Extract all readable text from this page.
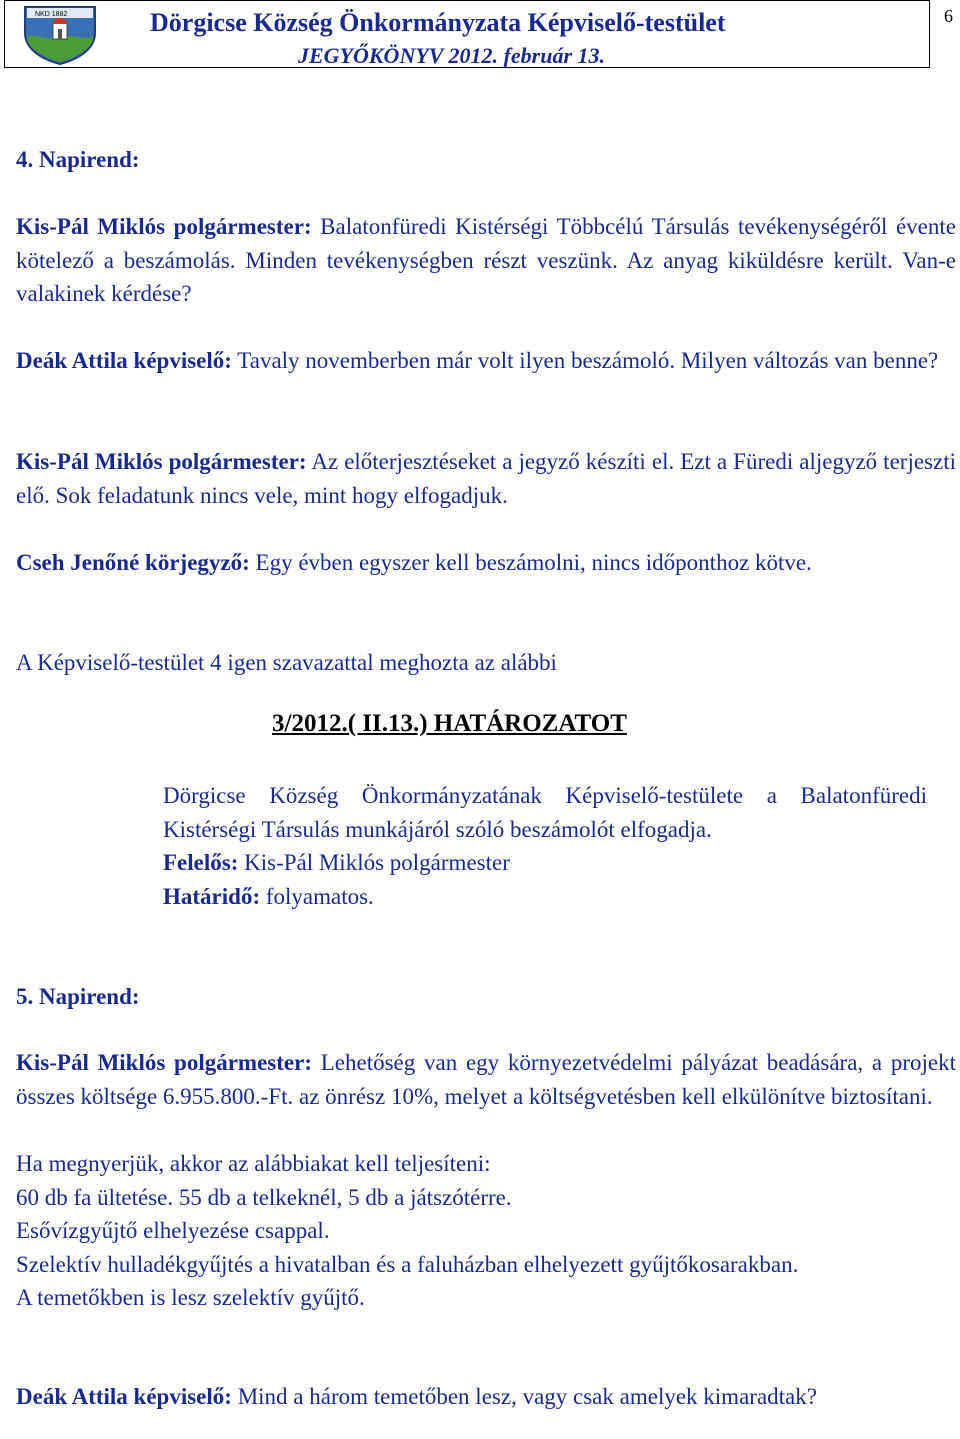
NKD 1882	Dörgicse Község Önkormányzata Képviselő-testület
JEGYŐKÖNYV 2012. február 13.
6
4. Napirend:
Kis-Pál Miklós polgármester: Balatonfüredi Kistérségi Többcélú Társulás tevékenységéről évente kötelező a beszámolás. Minden tevékenységben részt veszünk. Az anyag kiküldésre került. Van-e valakinek kérdése?
Deák Attila képviselő: Tavaly novemberben már volt ilyen beszámoló. Milyen változás van benne?
Kis-Pál Miklós polgármester: Az előterjesztéseket a jegyző készíti el. Ezt a Füredi aljegyző terjeszti elő. Sok feladatunk nincs vele, mint hogy elfogadjuk.
Cseh Jenőné körjegyző: Egy évben egyszer kell beszámolni, nincs időponthoz kötve.
A Képviselő-testület 4 igen szavazattal meghozta az alábbi
3/2012.( II.13.) HATÁROZATOT
Dörgicse Község Önkormányzatának Képviselő-testülete a Balatonfüredi Kistérségi Társulás munkájáról szóló beszámolót elfogadja.
Felelős: Kis-Pál Miklós polgármester
Határidő: folyamatos.
5. Napirend:
Kis-Pál Miklós polgármester: Lehetőség van egy környezetvédelmi pályázat beadására, a projekt összes költsége 6.955.800.-Ft. az önrész 10%, melyet a költségvetésben kell elkülönítve biztosítani.
Ha megnyerjük, akkor az alábbiakat kell teljesíteni:
60 db fa ültetése. 55 db a telkeknél, 5 db a játszótérre.
Esővízgyűjtő elhelyezése csappal.
Szelektív hulladékgyűjtés a hivatalban és a faluházban elhelyezett gyűjtőkosarakban.
A temetőkben is lesz szelektív gyűjtő.
Deák Attila képviselő: Mind a három temetőben lesz, vagy csak amelyek kimaradtak?
